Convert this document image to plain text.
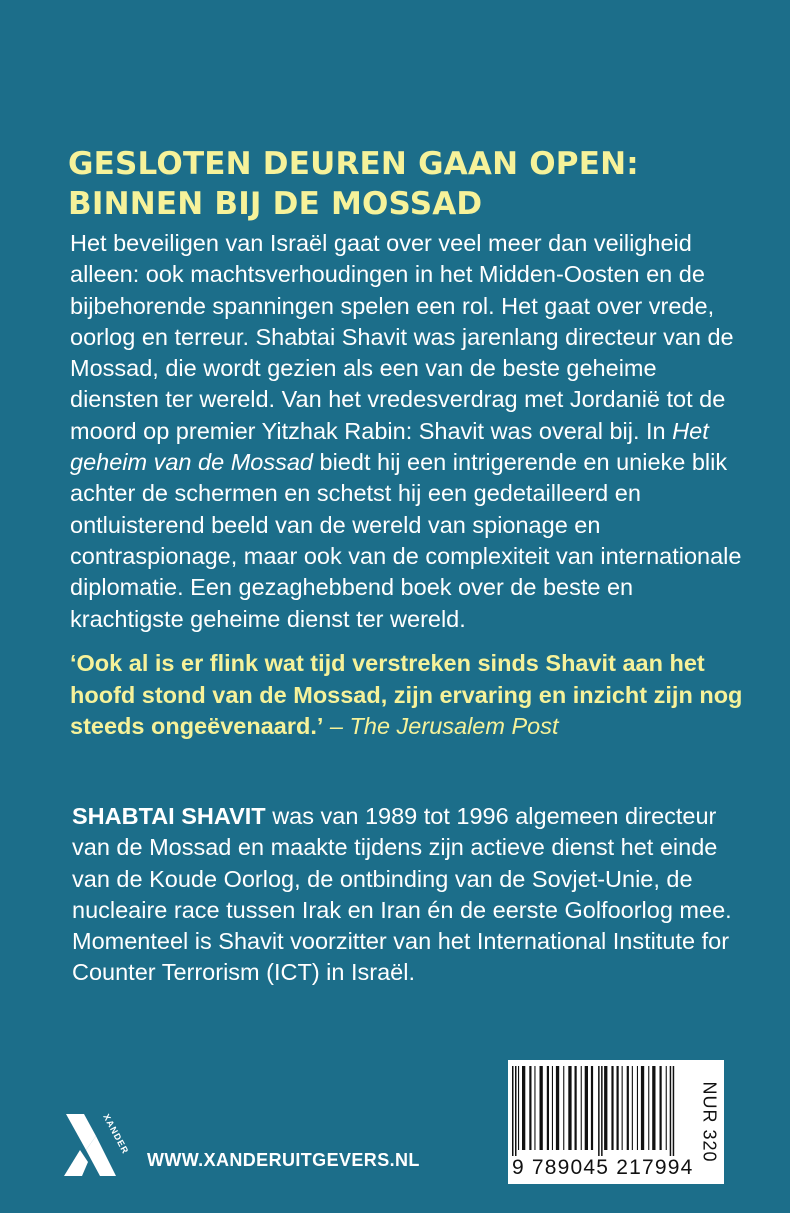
GESLOTEN DEUREN GAAN OPEN:
BINNEN BIJ DE MOSSAD

Het beveiligen van Israël gaat over veel meer dan veiligheid alleen: ook machtsverhoudingen in het Midden-Oosten en de bijbehorende spanningen spelen een rol. Het gaat over vrede, oorlog en terreur. Shabtai Shavit was jarenlang directeur van de Mossad, die wordt gezien als een van de beste geheime diensten ter wereld. Van het vredesverdrag met Jordanië tot de moord op premier Yitzhak Rabin: Shavit was overal bij. In Het geheim van de Mossad biedt hij een intrigerende en unieke blik achter de schermen en schetst hij een gedetailleerd en ontluisterend beeld van de wereld van spionage en contraspionage, maar ook van de complexiteit van internationale diplomatie. Een gezaghebbend boek over de beste en krachtigste geheime dienst ter wereld.

‘Ook al is er flink wat tijd verstreken sinds Shavit aan het hoofd stond van de Mossad, zijn ervaring en inzicht zijn nog steeds ongeëvenaard.’ – The Jerusalem Post

SHABTAI SHAVIT was van 1989 tot 1996 algemeen directeur van de Mossad en maakte tijdens zijn actieve dienst het einde van de Koude Oorlog, de ontbinding van de Sovjet-Unie, de nucleaire race tussen Irak en Iran én de eerste Golfoorlog mee. Momenteel is Shavit voorzitter van het International Institute for Counter Terrorism (ICT) in Israël.

XANDER
WWW.XANDERUITGEVERS.NL	9 789045 217994
NUR 320
